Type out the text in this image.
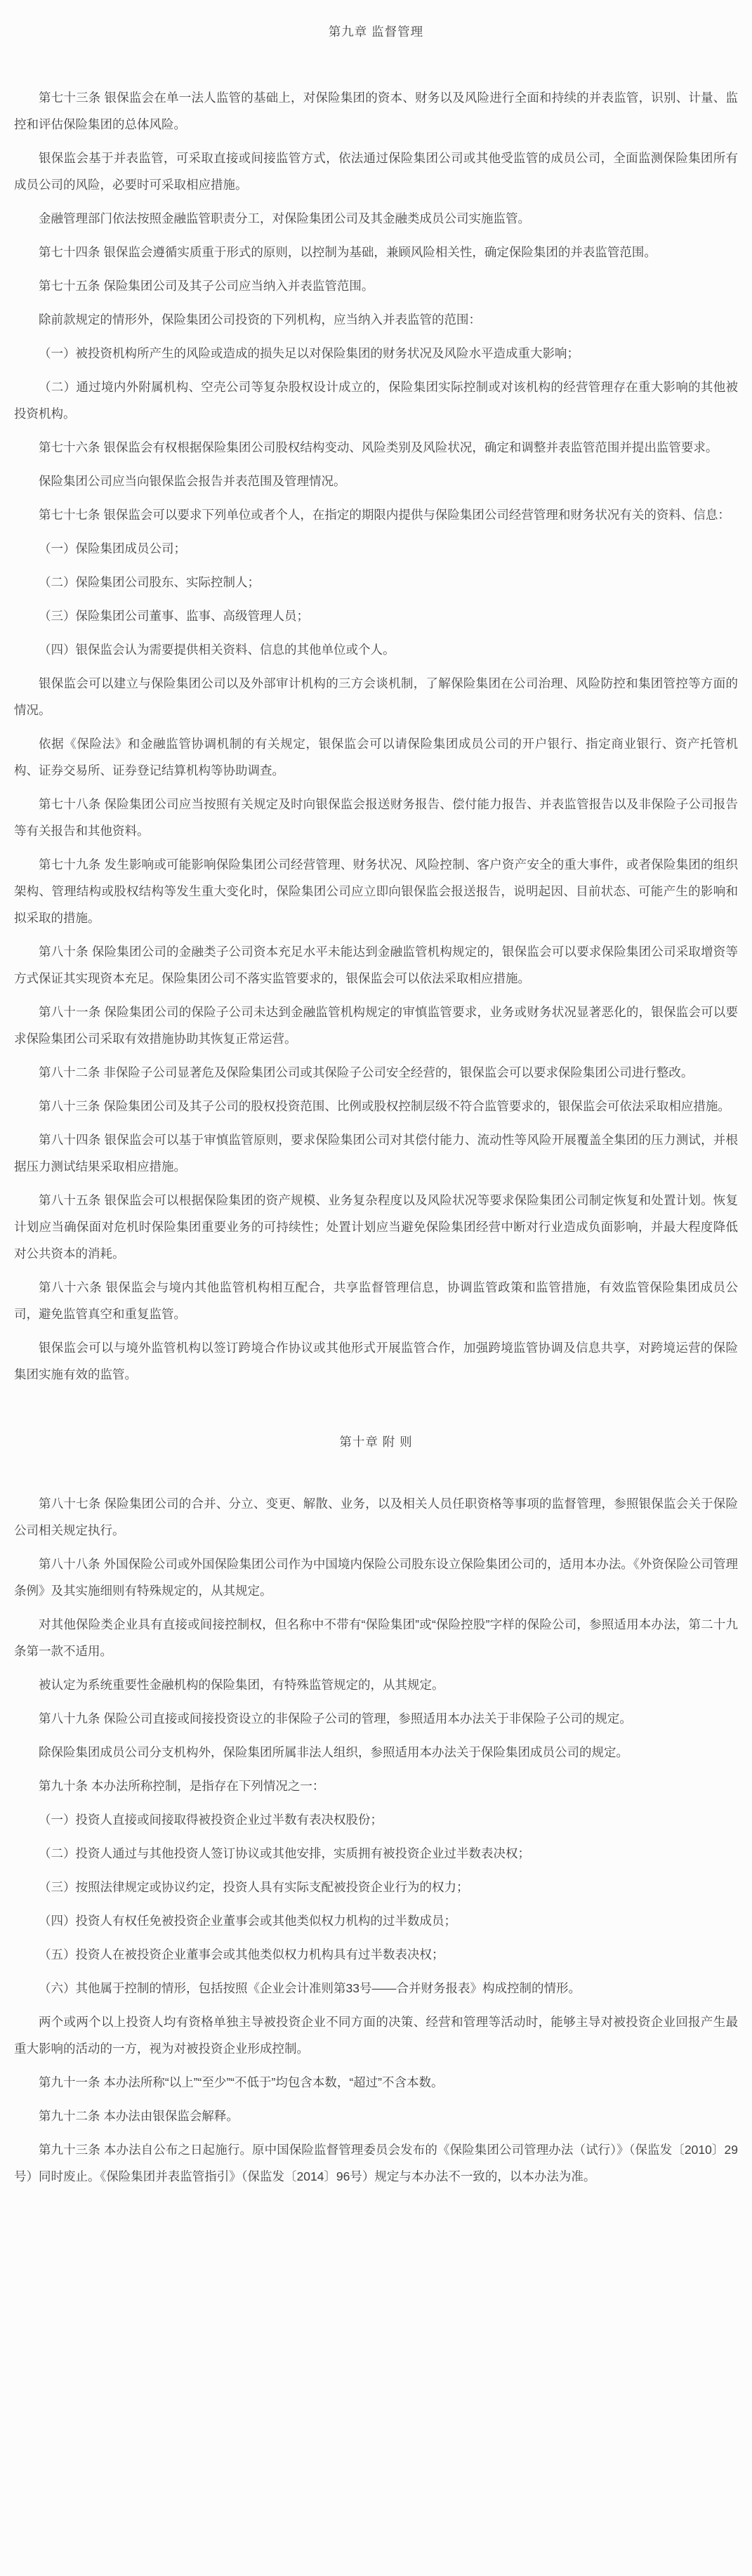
第九章 监督管理

第七十三条 银保监会在单一法人监管的基础上，对保险集团的资本、财务以及风险进行全面和持续的并表监管，识别、计量、监控和评估保险集团的总体风险。

银保监会基于并表监管，可采取直接或间接监管方式，依法通过保险集团公司或其他受监管的成员公司，全面监测保险集团所有成员公司的风险，必要时可采取相应措施。

金融管理部门依法按照金融监管职责分工，对保险集团公司及其金融类成员公司实施监管。

第七十四条 银保监会遵循实质重于形式的原则，以控制为基础，兼顾风险相关性，确定保险集团的并表监管范围。

第七十五条 保险集团公司及其子公司应当纳入并表监管范围。

除前款规定的情形外，保险集团公司投资的下列机构，应当纳入并表监管的范围：

（一）被投资机构所产生的风险或造成的损失足以对保险集团的财务状况及风险水平造成重大影响；

（二）通过境内外附属机构、空壳公司等复杂股权设计成立的，保险集团实际控制或对该机构的经营管理存在重大影响的其他被投资机构。

第七十六条 银保监会有权根据保险集团公司股权结构变动、风险类别及风险状况，确定和调整并表监管范围并提出监管要求。

保险集团公司应当向银保监会报告并表范围及管理情况。

第七十七条 银保监会可以要求下列单位或者个人，在指定的期限内提供与保险集团公司经营管理和财务状况有关的资料、信息：

（一）保险集团成员公司；

（二）保险集团公司股东、实际控制人；

（三）保险集团公司董事、监事、高级管理人员；

（四）银保监会认为需要提供相关资料、信息的其他单位或个人。

银保监会可以建立与保险集团公司以及外部审计机构的三方会谈机制，了解保险集团在公司治理、风险防控和集团管控等方面的情况。

依据《保险法》和金融监管协调机制的有关规定，银保监会可以请保险集团成员公司的开户银行、指定商业银行、资产托管机构、证券交易所、证券登记结算机构等协助调查。

第七十八条 保险集团公司应当按照有关规定及时向银保监会报送财务报告、偿付能力报告、并表监管报告以及非保险子公司报告等有关报告和其他资料。

第七十九条 发生影响或可能影响保险集团公司经营管理、财务状况、风险控制、客户资产安全的重大事件，或者保险集团的组织架构、管理结构或股权结构等发生重大变化时，保险集团公司应立即向银保监会报送报告，说明起因、目前状态、可能产生的影响和拟采取的措施。

第八十条 保险集团公司的金融类子公司资本充足水平未能达到金融监管机构规定的，银保监会可以要求保险集团公司采取增资等方式保证其实现资本充足。保险集团公司不落实监管要求的，银保监会可以依法采取相应措施。

第八十一条 保险集团公司的保险子公司未达到金融监管机构规定的审慎监管要求，业务或财务状况显著恶化的，银保监会可以要求保险集团公司采取有效措施协助其恢复正常运营。

第八十二条 非保险子公司显著危及保险集团公司或其保险子公司安全经营的，银保监会可以要求保险集团公司进行整改。

第八十三条 保险集团公司及其子公司的股权投资范围、比例或股权控制层级不符合监管要求的，银保监会可依法采取相应措施。

第八十四条 银保监会可以基于审慎监管原则，要求保险集团公司对其偿付能力、流动性等风险开展覆盖全集团的压力测试，并根据压力测试结果采取相应措施。

第八十五条 银保监会可以根据保险集团的资产规模、业务复杂程度以及风险状况等要求保险集团公司制定恢复和处置计划。恢复计划应当确保面对危机时保险集团重要业务的可持续性；处置计划应当避免保险集团经营中断对行业造成负面影响，并最大程度降低对公共资本的消耗。

第八十六条 银保监会与境内其他监管机构相互配合，共享监督管理信息，协调监管政策和监管措施，有效监管保险集团成员公司，避免监管真空和重复监管。

银保监会可以与境外监管机构以签订跨境合作协议或其他形式开展监管合作，加强跨境监管协调及信息共享，对跨境运营的保险集团实施有效的监管。

第十章 附 则

第八十七条 保险集团公司的合并、分立、变更、解散、业务，以及相关人员任职资格等事项的监督管理，参照银保监会关于保险公司相关规定执行。

第八十八条 外国保险公司或外国保险集团公司作为中国境内保险公司股东设立保险集团公司的，适用本办法。《外资保险公司管理条例》及其实施细则有特殊规定的，从其规定。

对其他保险类企业具有直接或间接控制权，但名称中不带有“保险集团”或“保险控股”字样的保险公司，参照适用本办法，第二十九条第一款不适用。

被认定为系统重要性金融机构的保险集团，有特殊监管规定的，从其规定。

第八十九条 保险公司直接或间接投资设立的非保险子公司的管理，参照适用本办法关于非保险子公司的规定。

除保险集团成员公司分支机构外，保险集团所属非法人组织，参照适用本办法关于保险集团成员公司的规定。

第九十条 本办法所称控制，是指存在下列情况之一：

（一）投资人直接或间接取得被投资企业过半数有表决权股份；

（二）投资人通过与其他投资人签订协议或其他安排，实质拥有被投资企业过半数表决权；

（三）按照法律规定或协议约定，投资人具有实际支配被投资企业行为的权力；

（四）投资人有权任免被投资企业董事会或其他类似权力机构的过半数成员；

（五）投资人在被投资企业董事会或其他类似权力机构具有过半数表决权；

（六）其他属于控制的情形，包括按照《企业会计准则第33号——合并财务报表》构成控制的情形。

两个或两个以上投资人均有资格单独主导被投资企业不同方面的决策、经营和管理等活动时，能够主导对被投资企业回报产生最重大影响的活动的一方，视为对被投资企业形成控制。

第九十一条 本办法所称“以上”“至少”“不低于”均包含本数，“超过”不含本数。

第九十二条 本办法由银保监会解释。

第九十三条 本办法自公布之日起施行。原中国保险监督管理委员会发布的《保险集团公司管理办法（试行）》（保监发〔2010〕29号）同时废止。《保险集团并表监管指引》（保监发〔2014〕96号）规定与本办法不一致的，以本办法为准。
